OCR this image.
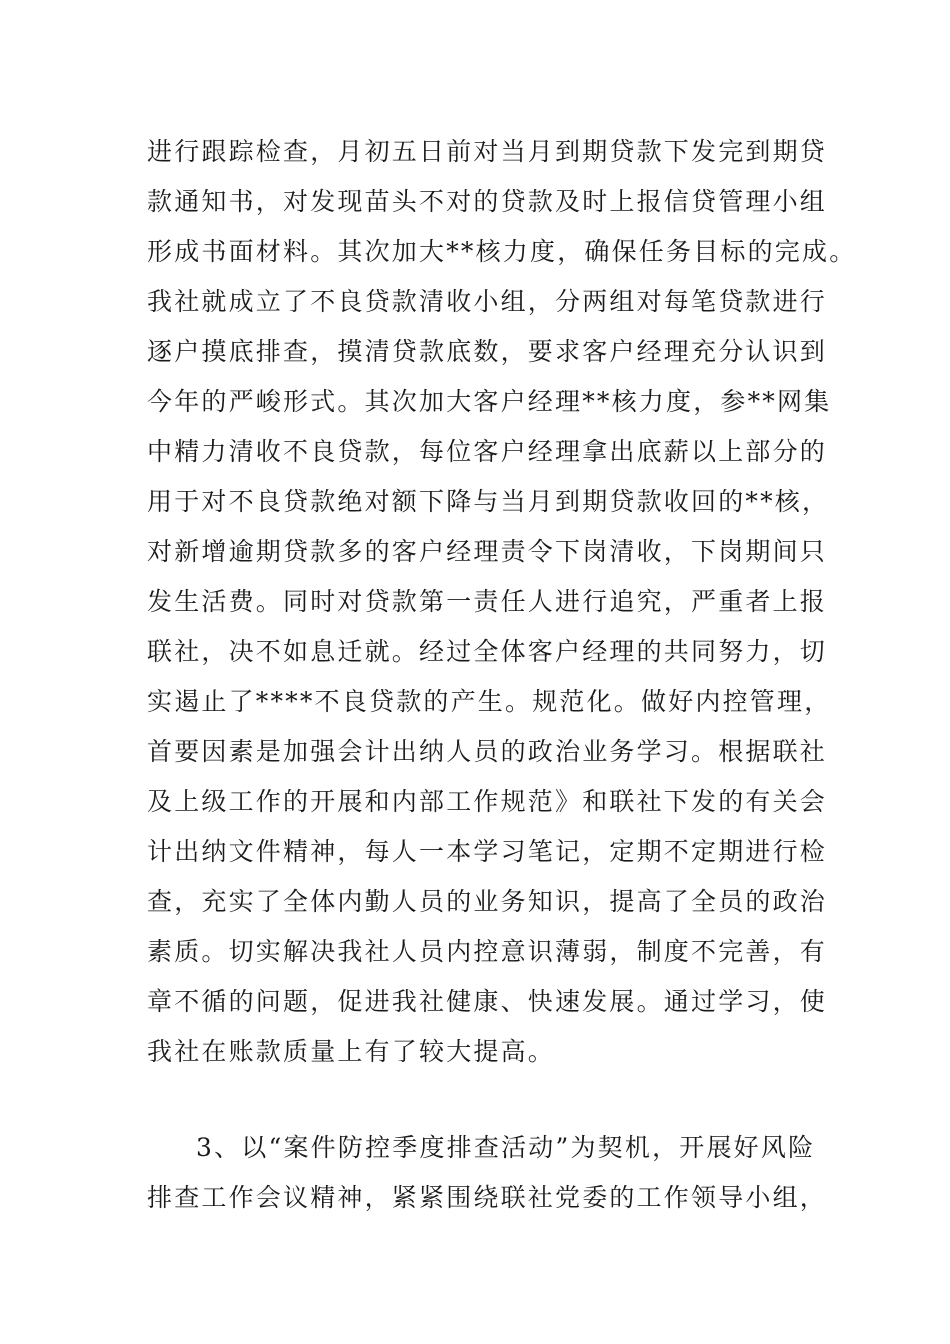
进行跟踪检查，月初五日前对当月到期贷款下发完到期贷
款通知书，对发现苗头不对的贷款及时上报信贷管理小组
形成书面材料。其次加大**核力度，确保任务目标的完成。
我社就成立了不良贷款清收小组，分两组对每笔贷款进行
逐户摸底排查，摸清贷款底数，要求客户经理充分认识到
今年的严峻形式。其次加大客户经理**核力度，参**网集
中精力清收不良贷款，每位客户经理拿出底薪以上部分的
用于对不良贷款绝对额下降与当月到期贷款收回的**核，
对新增逾期贷款多的客户经理责令下岗清收，下岗期间只
发生活费。同时对贷款第一责任人进行追究，严重者上报
联社，决不如息迁就。经过全体客户经理的共同努力，切
实遏止了****不良贷款的产生。规范化。做好内控管理，
首要因素是加强会计出纳人员的政治业务学习。根据联社
及上级工作的开展和内部工作规范》和联社下发的有关会
计出纳文件精神，每人一本学习笔记，定期不定期进行检
查，充实了全体内勤人员的业务知识，提高了全员的政治
素质。切实解决我社人员内控意识薄弱，制度不完善，有
章不循的问题，促进我社健康、快速发展。通过学习，使
我社在账款质量上有了较大提高。
3、以“案件防控季度排查活动”为契机，开展好风险
排查工作会议精神，紧紧围绕联社党委的工作领导小组，
